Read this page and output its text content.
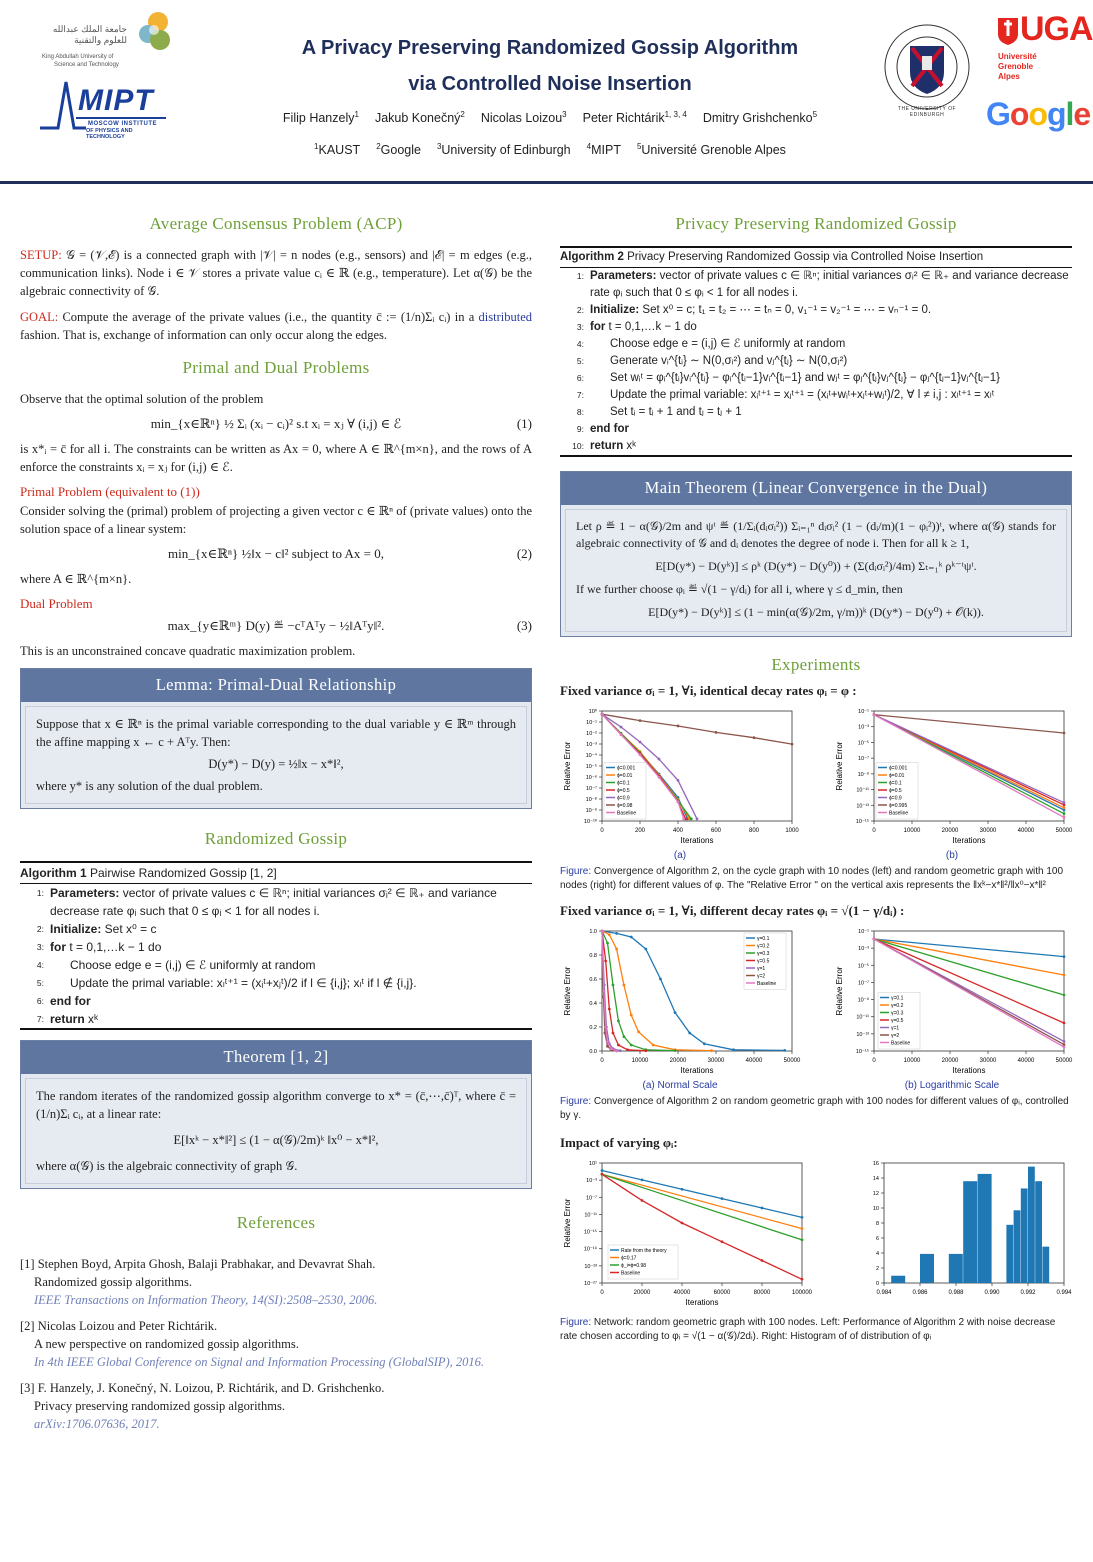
جامعة الملك عبدالله للعلوم والتقنية
King Abdullah University of
Science and Technology
MIPT
MOSCOW INSTITUTE
OF PHYSICS AND TECHNOLOGY
A Privacy Preserving Randomized Gossip Algorithm
via Controlled Noise Insertion
Filip Hanzely$^1$ Jakub Konečný$^2$ Nicolas Loizou$^3$ Peter Richtárik$^{1, 3, 4}$ Dmitry Grishchenko$^5$
$^1$KAUST $^2$Google $^3$University of Edinburgh $^4$MIPT $^5$Université Grenoble Alpes
THE UNIVERSITY OF EDINBURGH
UGA
Université
Grenoble
Alpes
Google
Average Consensus Problem (ACP)

SETUP: 𝒢 = (𝒱,ℰ) is a connected graph with |𝒱| = n nodes (e.g., sensors) and |ℰ| = m edges (e.g., communication links). Node i ∈ 𝒱 stores a private value cᵢ ∈ ℝ (e.g., temperature). Let α(𝒢) be the algebraic connectivity of 𝒢.

GOAL: Compute the average of the private values (i.e., the quantity c̄ := (1/n)Σᵢ cᵢ) in a distributed fashion. That is, exchange of information can only occur along the edges.

Primal and Dual Problems

Observe that the optimal solution of the problem

min_{x∈ℝⁿ} ½ Σᵢ (xᵢ − cᵢ)² s.t xᵢ = xⱼ ∀ (i,j) ∈ ℰ	(1)

is x*ᵢ = c̄ for all i. The constraints can be written as Ax = 0, where A ∈ ℝ^{m×n}, and the rows of A enforce the constraints xᵢ = xⱼ for (i,j) ∈ ℰ.

Primal Problem (equivalent to (1))

Consider solving the (primal) problem of projecting a given vector c ∈ ℝⁿ of (private values) onto the solution space of a linear system:

min_{x∈ℝⁿ} ½‖x − c‖² subject to Ax = 0,	(2)

where A ∈ ℝ^{m×n}.

Dual Problem
max_{y∈ℝᵐ} D(y) ≝ −cᵀAᵀy − ½‖Aᵀy‖².	(3)

This is an unconstrained concave quadratic maximization problem.

Lemma: Primal-Dual Relationship
Suppose that x ∈ ℝⁿ is the primal variable corresponding to the dual variable y ∈ ℝᵐ through the affine mapping x ← c + Aᵀy. Then:
D(y*) − D(y) = ½‖x − x*‖²,
where y* is any solution of the dual problem.
Randomized Gossip
Algorithm 1 Pairwise Randomized Gossip [1, 2]
1: Parameters: vector of private values c ∈ ℝⁿ; initial variances σᵢ² ∈ ℝ₊ and variance decrease rate φᵢ such that 0 ≤ φᵢ < 1 for all nodes i.
2: Initialize: Set x⁰ = c
3: for t = 0,1,…k − 1 do
4:	Choose edge e = (i,j) ∈ ℰ uniformly at random
5:	Update the primal variable: xₗᵗ⁺¹ = (xᵢᵗ+xⱼᵗ)/2 if l ∈ {i,j}; xₗᵗ if l ∉ {i,j}.
6: end for
7: return xᵏ
Theorem [1, 2]
The random iterates of the randomized gossip algorithm converge to x* = (c̄,⋯,c̄)ᵀ, where c̄ = (1/n)Σᵢ cᵢ, at a linear rate:
E[‖xᵏ − x*‖²] ≤ (1 − α(𝒢)/2m)ᵏ ‖x⁰ − x*‖²,
where α(𝒢) is the algebraic connectivity of graph 𝒢.
References
[1] Stephen Boyd, Arpita Ghosh, Balaji Prabhakar, and Devavrat Shah.
Randomized gossip algorithms.
IEEE Transactions on Information Theory, 14(SI):2508–2530, 2006.
[2] Nicolas Loizou and Peter Richtárik.
A new perspective on randomized gossip algorithms.
In 4th IEEE Global Conference on Signal and Information Processing (GlobalSIP), 2016.
[3] F. Hanzely, J. Konečný, N. Loizou, P. Richtárik, and D. Grishchenko.
Privacy preserving randomized gossip algorithms.
arXiv:1706.07636, 2017.
Privacy Preserving Randomized Gossip
Algorithm 2 Privacy Preserving Randomized Gossip via Controlled Noise Insertion
1: Parameters: vector of private values c ∈ ℝⁿ; initial variances σᵢ² ∈ ℝ₊ and variance decrease rate φᵢ such that 0 ≤ φᵢ < 1 for all nodes i.
2: Initialize: Set x⁰ = c; t₁ = t₂ = ⋯ = tₙ = 0, v₁⁻¹ = v₂⁻¹ = ⋯ = vₙ⁻¹ = 0.
3: for t = 0,1,…k − 1 do
4:	Choose edge e = (i,j) ∈ ℰ uniformly at random
5:	Generate vᵢ^{tᵢ} ∼ N(0,σᵢ²) and vⱼ^{tⱼ} ∼ N(0,σⱼ²)
6:	Set wᵢᵗ = φᵢ^{tᵢ}vᵢ^{tᵢ} − φᵢ^{tᵢ−1}vᵢ^{tᵢ−1} and wⱼᵗ = φⱼ^{tⱼ}vⱼ^{tⱼ} − φⱼ^{tⱼ−1}vⱼ^{tⱼ−1}
7:	Update the primal variable: xᵢᵗ⁺¹ = xⱼᵗ⁺¹ = (xᵢᵗ+wᵢᵗ+xⱼᵗ+wⱼᵗ)/2, ∀ l ≠ i,j : xₗᵗ⁺¹ = xₗᵗ
8:	Set tᵢ = tᵢ + 1 and tⱼ = tⱼ + 1
9: end for
10: return xᵏ
Main Theorem (Linear Convergence in the Dual)
Let ρ ≝ 1 − α(𝒢)/2m and ψᵗ ≝ (1/Σᵢ(dᵢσᵢ²)) Σᵢ₌₁ⁿ dᵢσᵢ² (1 − (dᵢ/m)(1 − φᵢ²))ᵗ, where α(𝒢) stands for algebraic connectivity of 𝒢 and dᵢ denotes the degree of node i. Then for all k ≥ 1,
E[D(y*) − D(yᵏ)] ≤ ρᵏ (D(y*) − D(y⁰)) + (Σ(dᵢσᵢ²)/4m) Σₜ₌₁ᵏ ρᵏ⁻ᵗψᵗ.
If we further choose φᵢ ≝ √(1 − γ/dᵢ) for all i, where γ ≤ d_min, then
E[D(y*) − D(yᵏ)] ≤ (1 − min(α(𝒢)/2m, γ/m))ᵏ (D(y*) − D(y⁰) + 𝒪(k)).
Experiments
Fixed variance σᵢ = 1, ∀i, identical decay rates φᵢ = φ :
0	200	400	600	800	1000
10⁰
10⁻¹
10⁻²
10⁻³
10⁻⁴
10⁻⁵
10⁻⁶
10⁻⁷
10⁻⁸
10⁻⁹
10⁻¹⁰
Iterations
Relative Error	ϕ=0.001
ϕ=0.01
ϕ=0.1
ϕ=0.5
ϕ=0.9
ϕ=0.98
Baseline
(a)
0	10000	20000	30000	40000	50000
10⁻¹
10⁻³
10⁻⁵
10⁻⁷
10⁻⁹
10⁻¹¹
10⁻¹³
10⁻¹⁵
Iterations
Relative Error	ϕ=0.001
ϕ=0.01
ϕ=0.1
ϕ=0.5
ϕ=0.9
ϕ=0.995
Baseline
(b)
Figure: Convergence of Algorithm 2, on the cycle graph with 10 nodes (left) and random geometric graph with 100 nodes (right) for different values of φ. The "Relative Error " on the vertical axis represents the ‖xᵏ−x*‖²/‖x⁰−x*‖²
Fixed variance σᵢ = 1, ∀i, different decay rates φᵢ = √(1 − γ/dᵢ) :
0	10000	20000	30000	40000	50000
0.0
0.2
0.4
0.6
0.8
1.0
Iterations
Relative Error
γ=0.1
γ=0.2
γ=0.3
γ=0.5
γ=1
γ=2
Baseline
(a) Normal Scale
0	10000	20000	30000	40000	50000
10⁻¹
10⁻³
10⁻⁵
10⁻⁷
10⁻⁹
10⁻¹¹
10⁻¹³
10⁻¹⁵
Iterations
Relative Error	γ=0.1
γ=0.2
γ=0.3
γ=0.5
γ=1
γ=2
Baseline
(b) Logarithmic Scale
Figure: Convergence of Algorithm 2 on random geometric graph with 100 nodes for different values of φᵢ, controlled by γ.
Impact of varying φᵢ:
0	20000	40000	60000	80000	100000
10¹
10⁻³
10⁻⁷
10⁻¹¹
10⁻¹⁵
10⁻¹⁹
10⁻²³
10⁻²⁷
Iterations
Relative Error
Rate from the theory
ϕ=0.17
ϕ_i=ϕ=0.98
Baseline
0.984	0.986	0.988	0.990	0.992	0.994
0
2
4
6
8
10
12
14
16
Figure: Network: random geometric graph with 100 nodes. Left: Performance of Algorithm 2 with noise decrease rate chosen according to φᵢ = √(1 − α(𝒢)/2dᵢ). Right: Histogram of of distribution of φᵢ
